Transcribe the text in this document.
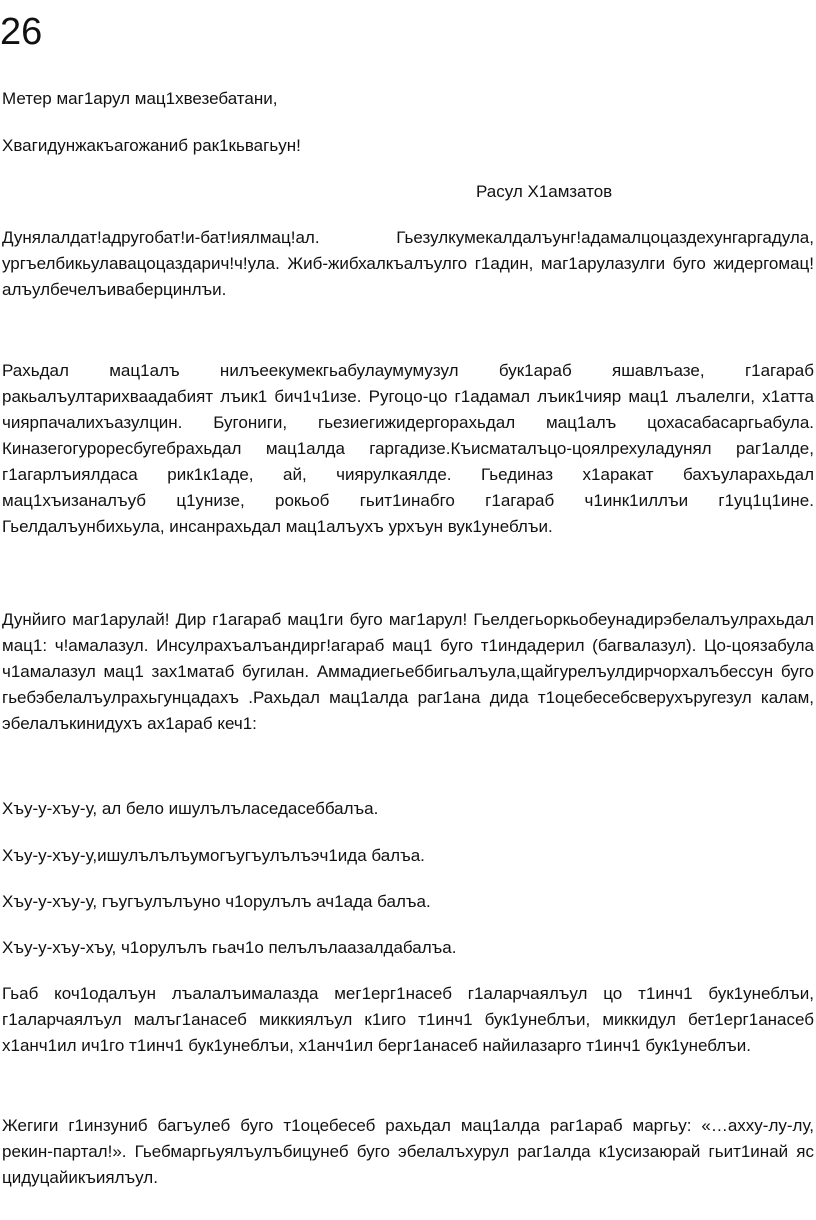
26
Метер маг1арул мац1хвезебатани,
Хвагидунжакъагожаниб рак1кьвагьун!
Расул Х1амзатов
Дунялалдат!адругобат!и-бат!иялмац!ал. Гьезулкумекалдалъунг!адамалцоцаздехунгаргадула, ургъелбикьулавацоцаздарич!ч!ула. Жиб-жибхалкъалъулго г1адин, маг1арулазулги буго жидергомац!алъулбечелъиваберцинлъи.
Рахьдал мац1алъ нилъеекумекгьабулаумумузул бук1араб яшавлъазе, г1агараб ракьалъултарихваадабият лъик1 бич1ч1изе. Ругоцо-цо г1адамал лъик1чияр мац1 лъалелги, х1атта чиярпачалихъазулцин. Бугониги, гьезиегижидергорахьдал мац1алъ цохасабасаргьабула. Киназегогурoресбугебрахьдал мац1алда гаргадизе.Къисматалъцо-цоялрехуладунял раг1алде, г1агарлъиялдаса рик1к1аде, ай, чиярулкаялде. Гьединаз х1аракат бахъуларахьдал мац1хъизаналъуб ц1унизе, рокьоб гьит1инабго г1агараб ч1инк1иллъи г1уц1ц1ине. Гьелдалъунбихьула, инсанрахьдал мац1алъухъ урхъун вук1унеблъи.
Дунйиго маг1арулай! Дир г1агараб мац1ги буго маг1арул! Гьелдегьоркьобеунадирэбелалъулрахьдал мац1: ч!амалазул. Инсулрахъалъандирг!агараб мац1 буго т1индадерил (багвалазул). Цо-цоязабула ч1амалазул мац1 зах1матаб бугилан. Аммадиегьеббигьалъула,щайгурелъулдирчорхалъбессун буго гьебэбелалъулрахьгунцадахъ .Рахьдал мац1алда раг1ана дида т1оцебесебсверухъругезул калам, эбелалъкинидухъ ах1араб кеч1:
Хъу-у-хъу-у, ал бело ишулълъласедасеббалъа.
Хъу-у-хъу-у,ишулълълъумогъугъулълъэч1ида балъа.
Хъу-у-хъу-у, гъугъулълъуно ч1орулълъ ач1ада балъа.
Хъу-у-хъу-хъу, ч1орулълъ гьач1о пелълълаазалдабалъа.
Гьаб коч1одалъун лъалалъималазда мег1ерг1насеб г1аларчаялъул цо т1инч1 бук1унеблъи, г1аларчаялъул малъг1анасеб миккиялъул к1иго т1инч1 бук1унеблъи, миккидул бет1ерг1анасеб х1анч1ил ич1го т1инч1 бук1унеблъи, х1анч1ил берг1анасеб найилазарго т1инч1 бук1унеблъи.
Жегиги г1инзуниб багъулеб буго т1оцебесеб рахьдал мац1алда раг1араб маргьу: «…ахху-лу-лу, рекин-партал!». Гьебмаргьуялъулъбицунеб буго эбелалъхурул раг1алда к1усизаюрай гьит1инай яс цидуцайикъиялъул.
